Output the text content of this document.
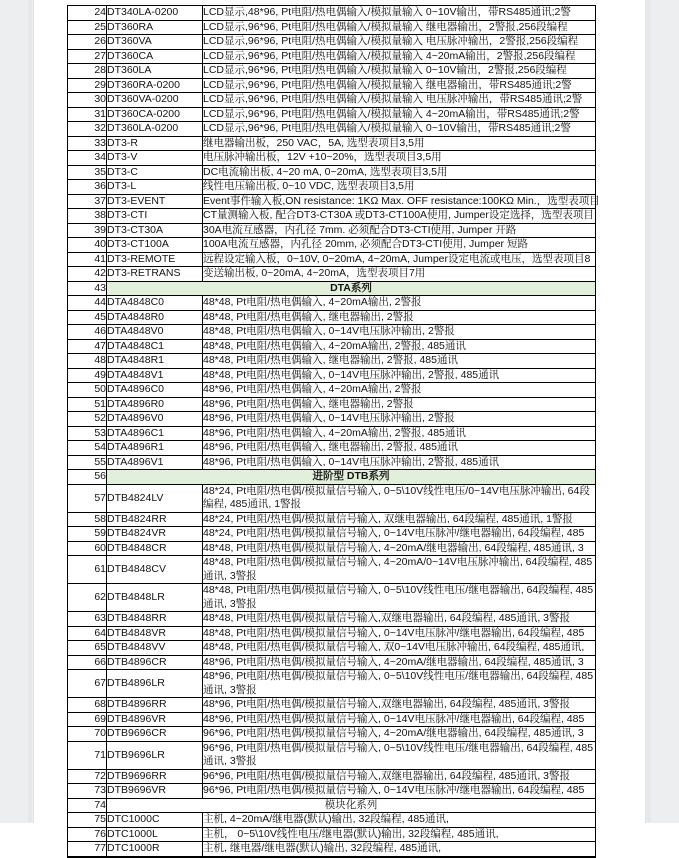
24	DT340LA-0200	LCD显示,48*96, Pt电阻/热电偶输入/模拟量输入 0~10V输出，带RS485通讯;2警
25	DT360RA	LCD显示,96*96, Pt电阻/热电偶输入/模拟量输入 继电器输出，2警报,256段编程
26	DT360VA	LCD显示,96*96, Pt电阻/热电偶输入/模拟量输入 电压脉冲输出，2警报,256段编程
27	DT360CA	LCD显示,96*96, Pt电阻/热电偶输入/模拟量输入 4~20mA输出，2警报,256段编程
28	DT360LA	LCD显示,96*96, Pt电阻/热电偶输入/模拟量输入 0~10V输出，2警报,256段编程
29	DT360RA-0200	LCD显示,96*96, Pt电阻/热电偶输入/模拟量输入 继电器输出，带RS485通讯;2警
30	DT360VA-0200	LCD显示,96*96, Pt电阻/热电偶输入/模拟量输入 电压脉冲输出，带RS485通讯;2警
31	DT360CA-0200	LCD显示,96*96, Pt电阻/热电偶输入/模拟量输入 4~20mA输出，带RS485通讯;2警
32	DT360LA-0200	LCD显示,96*96, Pt电阻/热电偶输入/模拟量输入 0~10V输出，带RS485通讯;2警
33	DT3-R	继电器输出板，250 VAC，5A, 选型表项目3,5用
34	DT3-V	电压脉冲输出板，12V +10~20%，选型表项目3,5用
35	DT3-C	DC电流输出板, 4~20 mA, 0~20mA, 选型表项目3,5用
36	DT3-L	线性电压输出板, 0~10 VDC, 选型表项目3,5用
37	DT3-EVENT	Event事件输入板,ON resistance: 1KΩ Max. OFF resistance:100KΩ Min.，选型表项目
38	DT3-CTI	CT量测输入板, 配合DT3-CT30A 或DT3-CT100A使用, Jumper设定选择，选型表项目
39	DT3-CT30A	30A电流互感器，内孔径 7mm. 必须配合DT3-CTI使用, Jumper 开路
40	DT3-CT100A	100A电流互感器，内孔径 20mm, 必须配合DT3-CTI使用, Jumper 短路
41	DT3-REMOTE	远程设定输入板，0~10V, 0~20mA, 4~20mA, Jumper设定电流或电压，选型表项目8
42	DT3-RETRANS	变送输出板, 0~20mA, 4~20mA，选型表项目7用
43	DTA系列	
44	DTA4848C0	48*48, Pt电阻/热电偶输入, 4~20mA输出, 2警报
45	DTA4848R0	48*48, Pt电阻/热电偶输入, 继电器输出, 2警报
46	DTA4848V0	48*48, Pt电阻/热电偶输入, 0~14V电压脉冲输出, 2警报
47	DTA4848C1	48*48, Pt电阻/热电偶输入, 4~20mA输出, 2警报, 485通讯
48	DTA4848R1	48*48, Pt电阻/热电偶输入, 继电器输出, 2警报, 485通讯
49	DTA4848V1	48*48, Pt电阻/热电偶输入, 0~14V电压脉冲输出, 2警报, 485通讯
50	DTA4896C0	48*96, Pt电阻/热电偶输入, 4~20mA输出, 2警报
51	DTA4896R0	48*96, Pt电阻/热电偶输入, 继电器输出, 2警报
52	DTA4896V0	48*96, Pt电阻/热电偶输入, 0~14V电压脉冲输出, 2警报
53	DTA4896C1	48*96, Pt电阻/热电偶输入, 4~20mA输出, 2警报, 485通讯
54	DTA4896R1	48*96, Pt电阻/热电偶输入, 继电器输出, 2警报, 485通讯
55	DTA4896V1	48*96, Pt电阻/热电偶输入, 0~14V电压脉冲输出, 2警报, 485通讯
56	进阶型 DTB系列	
57	DTB4824LV	48*24, Pt电阻/热电偶/模拟量信号输入, 0~5\10V线性电压/0~14V电压脉冲输出, 64段编程, 485通讯, 1警报
58	DTB4824RR	48*24, Pt电阻/热电偶/模拟量信号输入, 双继电器输出, 64段编程, 485通讯, 1警报
59	DTB4824VR	48*24, Pt电阻/热电偶/模拟量信号输入, 0~14V电压脉冲/继电器输出, 64段编程, 485
60	DTB4848CR	48*48, Pt电阻/热电偶/模拟量信号输入, 4~20mA/继电器输出, 64段编程, 485通讯, 3
61	DTB4848CV	48*48, Pt电阻/热电偶/模拟量信号输入, 4~20mA/0~14V电压脉冲输出, 64段编程, 485通讯, 3警报
62	DTB4848LR	48*48, Pt电阻/热电偶/模拟量信号输入, 0~5\10V线性电压/继电器输出, 64段编程, 485通讯, 3警报
63	DTB4848RR	48*48, Pt电阻/热电偶/模拟量信号输入,双继电器输出, 64段编程, 485通讯, 3警报
64	DTB4848VR	48*48, Pt电阻/热电偶/模拟量信号输入, 0~14V电压脉冲/继电器输出, 64段编程, 485
65	DTB4848VV	48*48, Pt电阻/热电偶/模拟量信号输入, 双0~14V电压脉冲输出, 64段编程, 485通讯,
66	DTB4896CR	48*96, Pt电阻/热电偶/模拟量信号输入, 4~20mA/继电器输出, 64段编程, 485通讯, 3
67	DTB4896LR	48*96, Pt电阻/热电偶/模拟量信号输入, 0~5\10V线性电压/继电器输出, 64段编程, 485通讯, 3警报
68	DTB4896RR	48*96, Pt电阻/热电偶/模拟量信号输入,双继电器输出, 64段编程, 485通讯, 3警报
69	DTB4896VR	48*96, Pt电阻/热电偶/模拟量信号输入, 0~14V电压脉冲/继电器输出, 64段编程, 485
70	DTB9696CR	96*96, Pt电阻/热电偶/模拟量信号输入, 4~20mA/继电器输出, 64段编程, 485通讯, 3
71	DTB9696LR	96*96, Pt电阻/热电偶/模拟量信号输入, 0~5\10V线性电压/继电器输出, 64段编程, 485通讯, 3警报
72	DTB9696RR	96*96, Pt电阻/热电偶/模拟量信号输入,双继电器输出, 64段编程, 485通讯, 3警报
73	DTB9696VR	96*96, Pt电阻/热电偶/模拟量信号输入, 0~14V电压脉冲/继电器输出, 64段编程, 485
74	模块化系列	
75	DTC1000C	主机, 4~20mA/继电器(默认)输出, 32段编程, 485通讯,
76	DTC1000L	主机， 0~5\10V线性电压/继电器(默认)输出, 32段编程, 485通讯,
77	DTC1000R	主机, 继电器/继电器(默认)输出, 32段编程, 485通讯,
